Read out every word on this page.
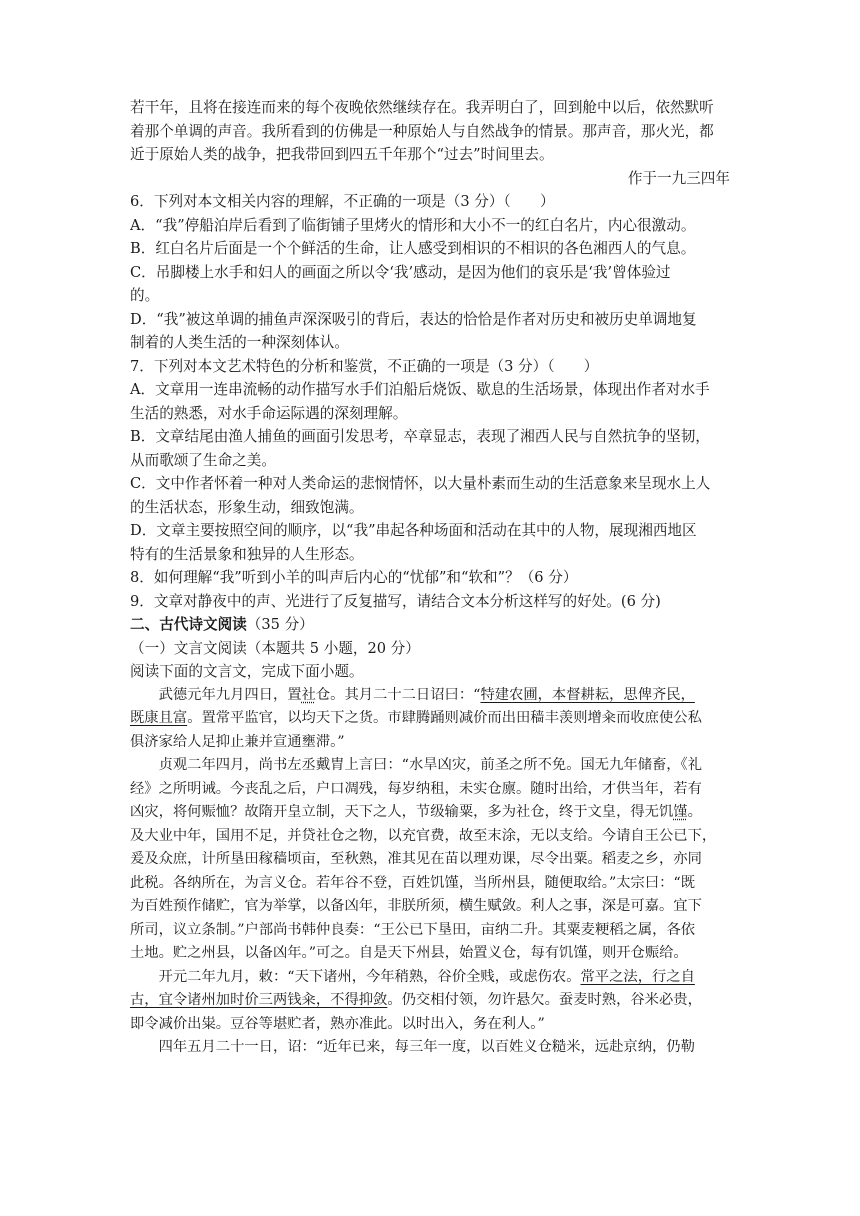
若干年，且将在接连而来的每个夜晚依然继续存在。我弄明白了，回到舱中以后，依然默听

着那个单调的声音。我所看到的仿佛是一种原始人与自然战争的情景。那声音，那火光，都

近于原始人类的战争，把我带回到四五千年那个“过去”时间里去。

作于一九三四年

6．下列对本文相关内容的理解，不正确的一项是（3 分）（　　）

A．“我”停船泊岸后看到了临街铺子里烤火的情形和大小不一的红白名片，内心很激动。

B．红白名片后面是一个个鲜活的生命，让人感受到相识的不相识的各色湘西人的气息。

C．吊脚楼上水手和妇人的画面之所以令‘我’感动，是因为他们的哀乐是‘我’曾体验过

的。

D．“我”被这单调的捕鱼声深深吸引的背后，表达的恰恰是作者对历史和被历史单调地复

制着的人类生活的一种深刻体认。

7．下列对本文艺术特色的分析和鉴赏，不正确的一项是（3 分）（　　）

A．文章用一连串流畅的动作描写水手们泊船后烧饭、歇息的生活场景，体现出作者对水手

生活的熟悉，对水手命运际遇的深刻理解。

B．文章结尾由渔人捕鱼的画面引发思考，卒章显志，表现了湘西人民与自然抗争的坚韧，

从而歌颂了生命之美。

C．文中作者怀着一种对人类命运的悲悯情怀，以大量朴素而生动的生活意象来呈现水上人

的生活状态，形象生动，细致饱满。

D．文章主要按照空间的顺序，以“我”串起各种场面和活动在其中的人物，展现湘西地区

特有的生活景象和独异的人生形态。

8．如何理解“我”听到小羊的叫声后内心的“忧郁”和“软和”？（6 分）

9．文章对静夜中的声、光进行了反复描写，请结合文本分析这样写的好处。(6 分)

二、古代诗文阅读（35 分）

（一）文言文阅读（本题共 5 小题，20 分）

阅读下面的文言文，完成下面小题。

武德元年九月四日，置社仓。其月二十二日诏曰：“特建农圃，本督耕耘，思俾齐民，

既康且富。置常平监官，以均天下之货。市肆腾踊则减价而出田穑丰羡则增籴而收庶使公私

俱济家给人足抑止兼并宣通壅滞。”

贞观二年四月，尚书左丞戴胄上言曰：“水旱凶灾，前圣之所不免。国无九年储畜，《礼

经》之所明诫。今丧乱之后，户口凋残，每岁纳租，未实仓廪。随时出给，才供当年，若有

凶灾，将何赈恤？故隋开皇立制，天下之人，节级输粟，多为社仓，终于文皇，得无饥馑。

及大业中年，国用不足，并贷社仓之物，以充官费，故至末涂，无以支给。今请自王公已下，

爰及众庶，计所垦田稼穑顷亩，至秋熟，准其见在苗以理劝课，尽令出粟。稻麦之乡，亦同

此税。各纳所在，为言义仓。若年谷不登，百姓饥馑，当所州县，随便取给。”太宗曰：“既

为百姓预作储贮，官为举掌，以备凶年，非朕所须，横生赋敛。利人之事，深是可嘉。宜下

所司，议立条制。”户部尚书韩仲良奏：“王公已下垦田，亩纳二升。其粟麦粳稻之属，各依

土地。贮之州县，以备凶年。”可之。自是天下州县，始置义仓，每有饥馑，则开仓赈给。

开元二年九月，敕：“天下诸州，今年稍熟，谷价全贱，或虑伤农。常平之法，行之自

古，宜令诸州加时价三两钱籴，不得抑敛。仍交相付领，勿许悬欠。蚕麦时熟，谷米必贵，

即令减价出粜。豆谷等堪贮者，熟亦准此。以时出入，务在利人。”

四年五月二十一日，诏：“近年已来，每三年一度，以百姓义仓糙米，远赴京纳，仍勒
